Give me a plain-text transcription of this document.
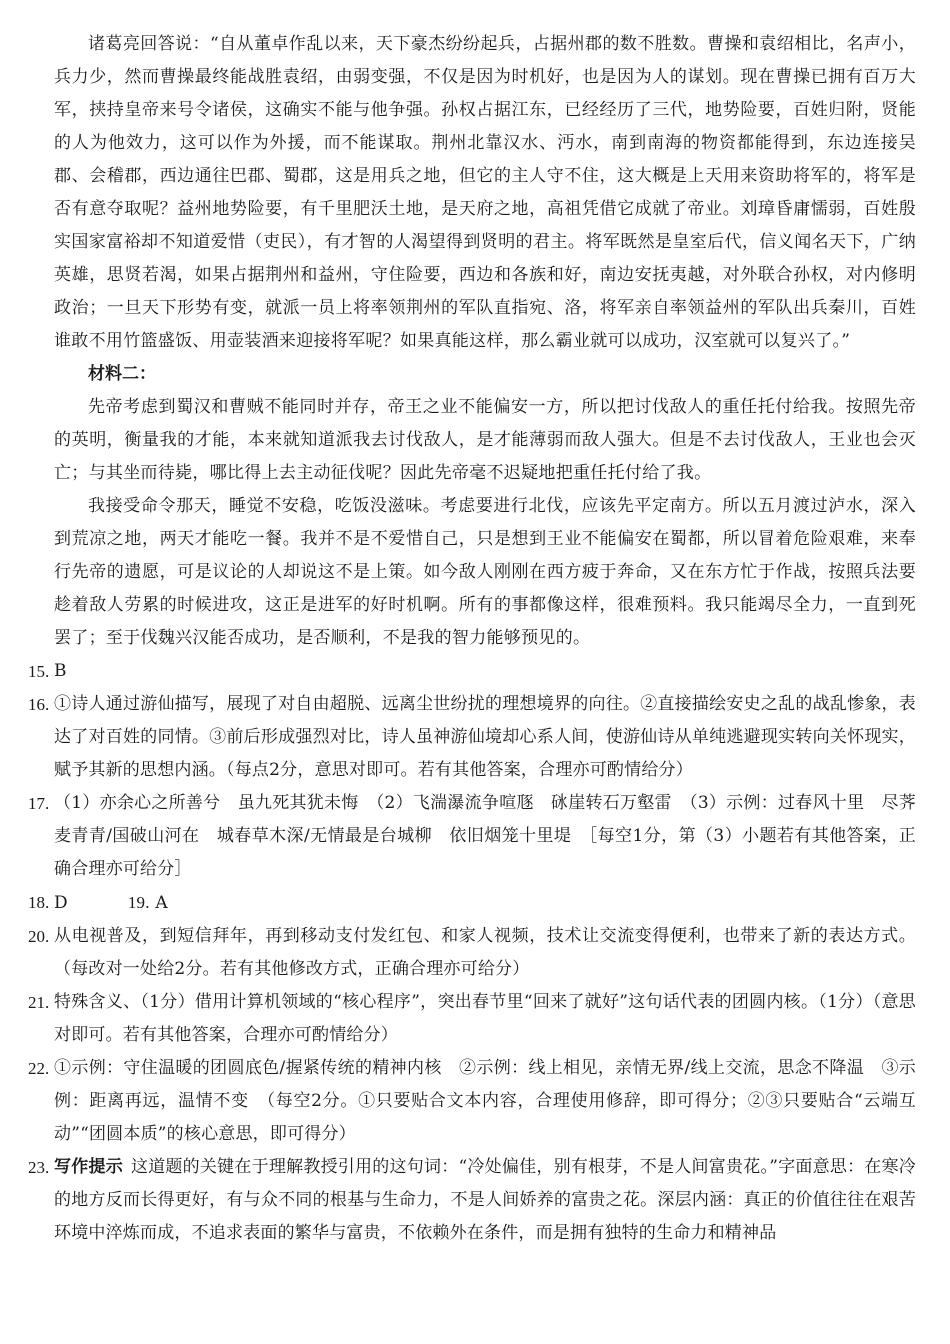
诸葛亮回答说：“自从董卓作乱以来，天下豪杰纷纷起兵，占据州郡的数不胜数。曹操和袁绍相比，名声小，兵力少，然而曹操最终能战胜袁绍，由弱变强，不仅是因为时机好，也是因为人的谋划。现在曹操已拥有百万大军，挟持皇帝来号令诸侯，这确实不能与他争强。孙权占据江东，已经经历了三代，地势险要，百姓归附，贤能的人为他效力，这可以作为外援，而不能谋取。荆州北靠汉水、沔水，南到南海的物资都能得到，东边连接吴郡、会稽郡，西边通往巴郡、蜀郡，这是用兵之地，但它的主人守不住，这大概是上天用来资助将军的，将军是否有意夺取呢？益州地势险要，有千里肥沃土地，是天府之地，高祖凭借它成就了帝业。刘璋昏庸懦弱，百姓殷实国家富裕却不知道爱惜（吏民），有才智的人渴望得到贤明的君主。将军既然是皇室后代，信义闻名天下，广纳英雄，思贤若渴，如果占据荆州和益州，守住险要，西边和各族和好，南边安抚夷越，对外联合孙权，对内修明政治；一旦天下形势有变，就派一员上将率领荆州的军队直指宛、洛，将军亲自率领益州的军队出兵秦川，百姓谁敢不用竹篮盛饭、用壶装酒来迎接将军呢？如果真能这样，那么霸业就可以成功，汉室就可以复兴了。”

材料二：

先帝考虑到蜀汉和曹贼不能同时并存，帝王之业不能偏安一方，所以把讨伐敌人的重任托付给我。按照先帝的英明，衡量我的才能，本来就知道派我去讨伐敌人，是才能薄弱而敌人强大。但是不去讨伐敌人，王业也会灭亡；与其坐而待毙，哪比得上去主动征伐呢？因此先帝毫不迟疑地把重任托付给了我。

我接受命令那天，睡觉不安稳，吃饭没滋味。考虑要进行北伐，应该先平定南方。所以五月渡过泸水，深入到荒凉之地，两天才能吃一餐。我并不是不爱惜自己，只是想到王业不能偏安在蜀都，所以冒着危险艰难，来奉行先帝的遗愿，可是议论的人却说这不是上策。如今敌人刚刚在西方疲于奔命，又在东方忙于作战，按照兵法要趁着敌人劳累的时候进攻，这正是进军的好时机啊。所有的事都像这样，很难预料。我只能竭尽全力，一直到死罢了；至于伐魏兴汉能否成功，是否顺利，不是我的智力能够预见的。

15. B
16. ①诗人通过游仙描写，展现了对自由超脱、远离尘世纷扰的理想境界的向往。②直接描绘安史之乱的战乱惨象，表达了对百姓的同情。③前后形成强烈对比，诗人虽神游仙境却心系人间，使游仙诗从单纯逃避现实转向关怀现实，赋予其新的思想内涵。（每点2分，意思对即可。若有其他答案，合理亦可酌情给分）
17. （1）亦余心之所善兮　虽九死其犹未悔　（2）飞湍瀑流争喧豗　砯崖转石万壑雷　（3）示例：过春风十里　尽荠麦青青/国破山河在　城春草木深/无情最是台城柳　依旧烟笼十里堤　［每空1分，第（3）小题若有其他答案，正确合理亦可给分］
18. D	19. A
20. 从电视普及，到短信拜年，再到移动支付发红包、和家人视频，技术让交流变得便利，也带来了新的表达方式。（每改对一处给2分。若有其他修改方式，正确合理亦可给分）
21. 特殊含义、（1分）借用计算机领域的“核心程序”，突出春节里“回来了就好”这句话代表的团圆内核。（1分）（意思对即可。若有其他答案，合理亦可酌情给分）
22. ①示例：守住温暖的团圆底色/握紧传统的精神内核　②示例：线上相见，亲情无界/线上交流，思念不降温　③示例：距离再远，温情不变　（每空2分。①只要贴合文本内容，合理使用修辞，即可得分；②③只要贴合“云端互动”“团圆本质”的核心意思，即可得分）
23. 写作提示 这道题的关键在于理解教授引用的这句词：“冷处偏佳，别有根芽，不是人间富贵花。”字面意思：在寒冷的地方反而长得更好，有与众不同的根基与生命力，不是人间娇养的富贵之花。深层内涵：真正的价值往往在艰苦环境中淬炼而成，不追求表面的繁华与富贵，不依赖外在条件，而是拥有独特的生命力和精神品
